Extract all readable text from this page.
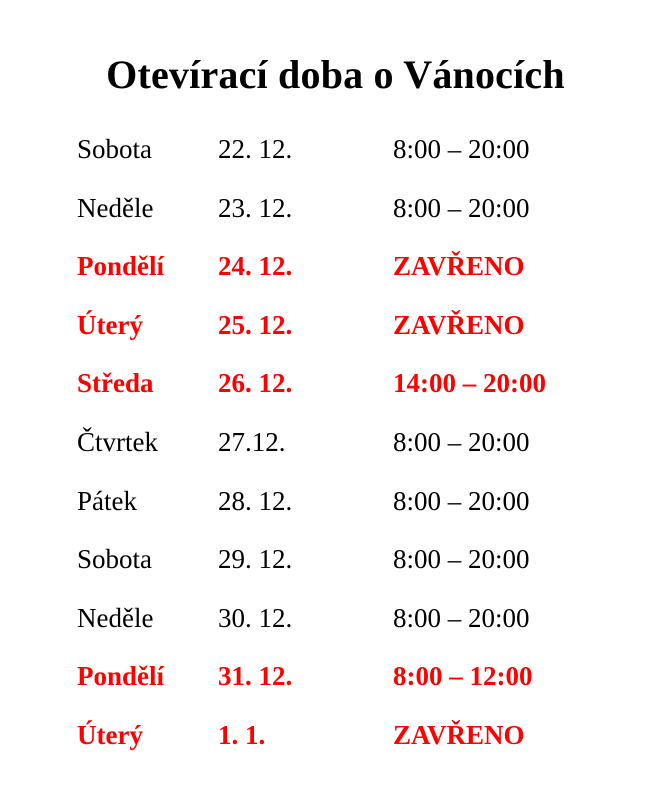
Otevírací doba o Vánocích
Sobota 22. 12.	8:00 – 20:00
Neděle 23. 12.	8:00 – 20:00
Pondělí 24. 12.	ZAVŘENO
Úterý	25. 12.	ZAVŘENO
Středa 26. 12.	14:00 – 20:00
Čtvrtek 27.12.	8:00 – 20:00
Pátek	28. 12.	8:00 – 20:00
Sobota 29. 12.	8:00 – 20:00
Neděle 30. 12.	8:00 – 20:00
Pondělí 31. 12.	8:00 – 12:00
Úterý	1. 1.	ZAVŘENO
